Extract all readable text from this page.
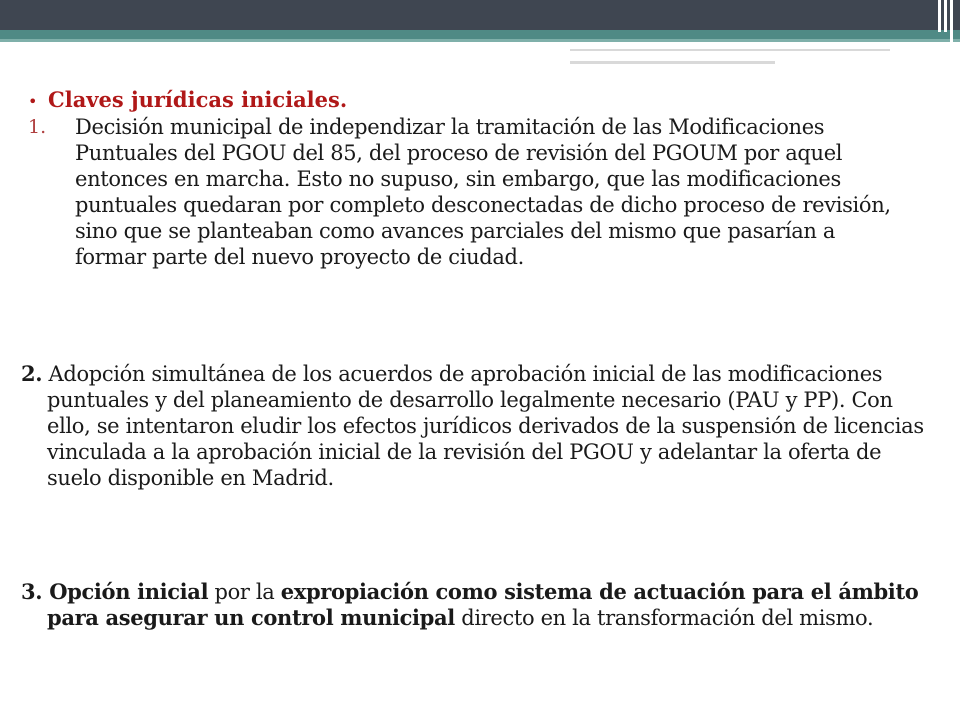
• Claves jurídicas iniciales.
1. Decisión municipal de independizar la tramitación de las Modificaciones Puntuales del PGOU del 85, del proceso de revisión del PGOUM por aquel entonces en marcha. Esto no supuso, sin embargo, que las modificaciones puntuales quedaran por completo desconectadas de dicho proceso de revisión, sino que se planteaban como avances parciales del mismo que pasarían a formar parte del nuevo proyecto de ciudad.
2. Adopción simultánea de los acuerdos de aprobación inicial de las modificaciones puntuales y del planeamiento de desarrollo legalmente necesario (PAU y PP). Con ello, se intentaron eludir los efectos jurídicos derivados de la suspensión de licencias vinculada a la aprobación inicial de la revisión del PGOU y adelantar la oferta de suelo disponible en Madrid.
3. Opción inicial por la expropiación como sistema de actuación para el ámbito para asegurar un control municipal directo en la transformación del mismo.
